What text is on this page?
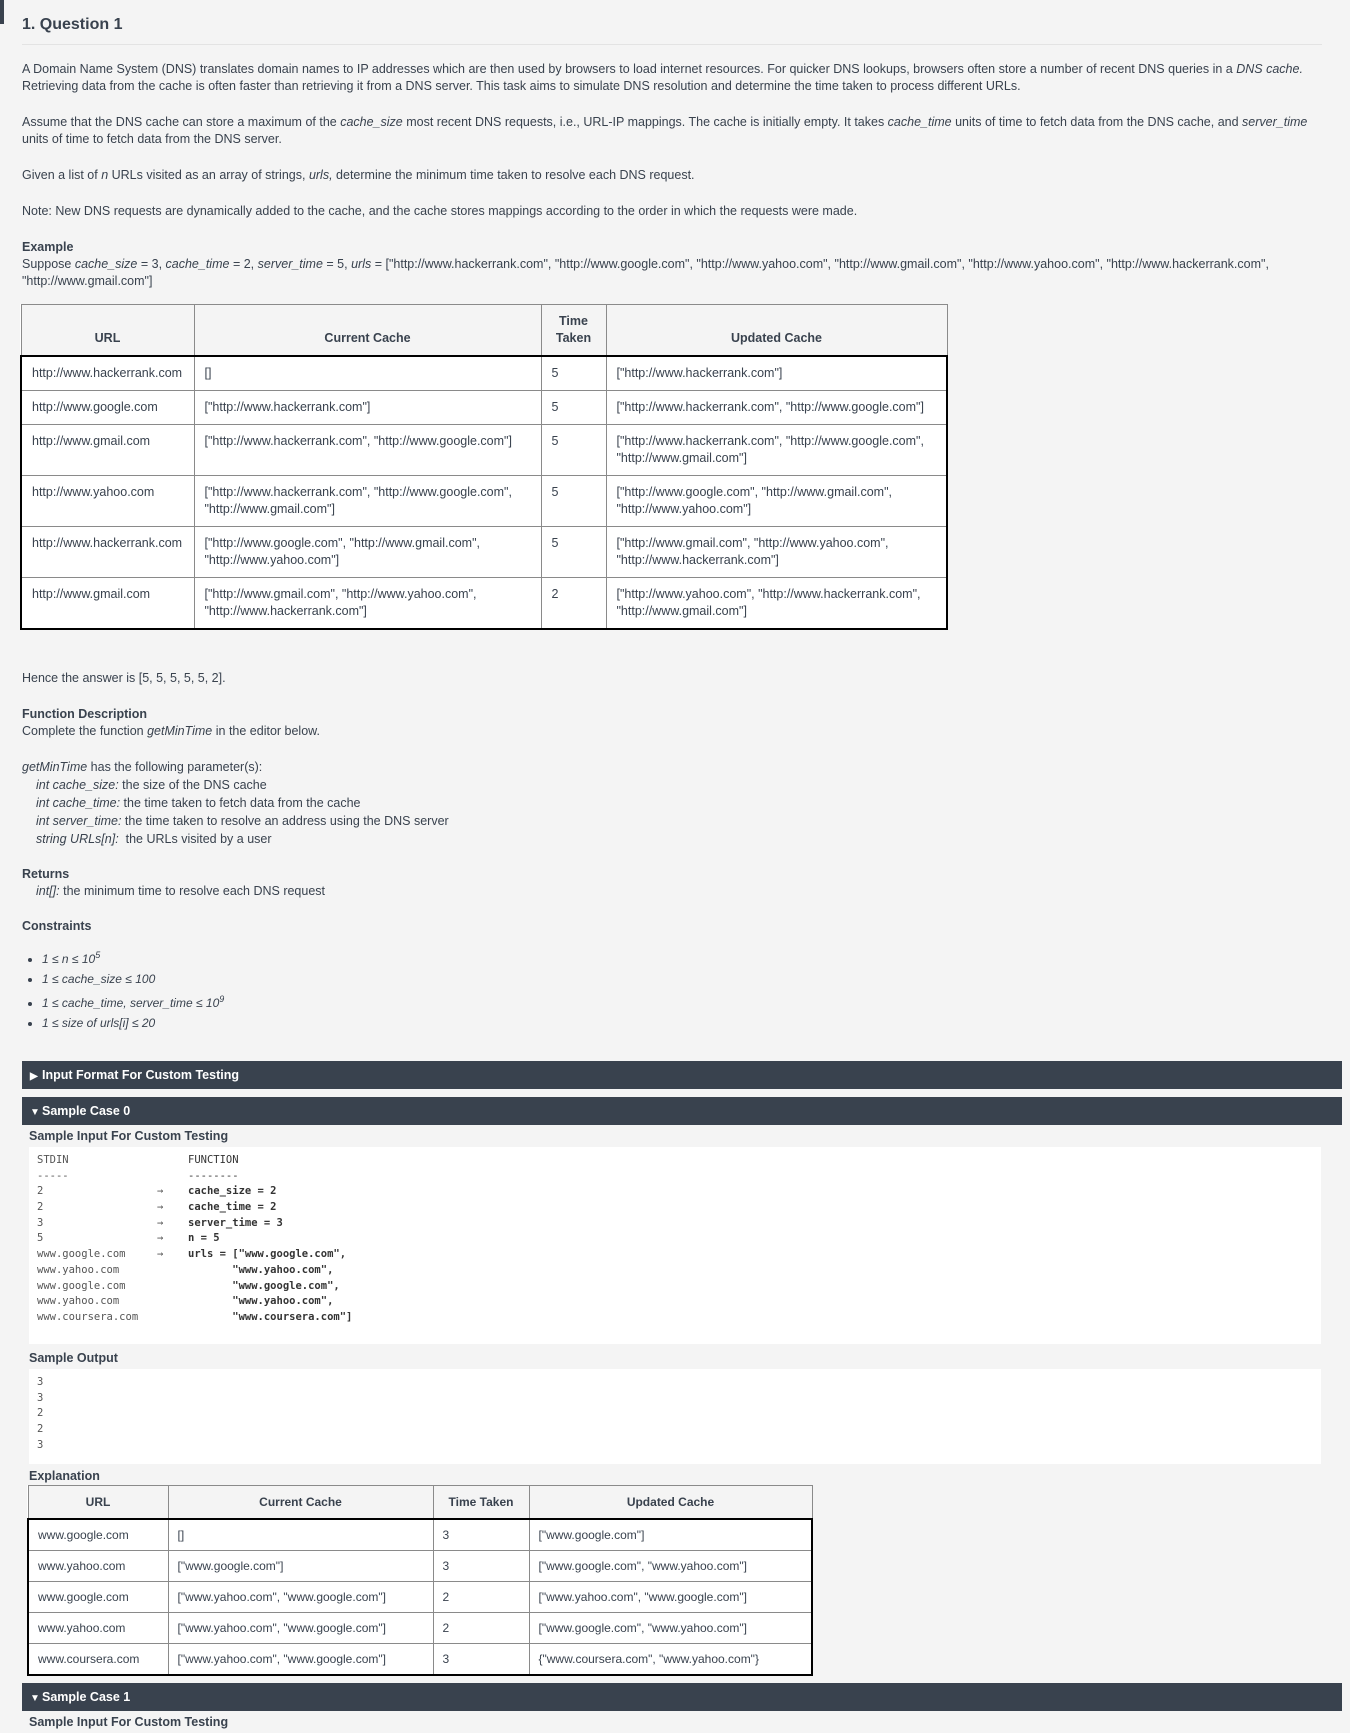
1. Question 1

A Domain Name System (DNS) translates domain names to IP addresses which are then used by browsers to load internet resources. For quicker DNS lookups, browsers often store a number of recent DNS queries in a DNS cache. Retrieving data from the cache is often faster than retrieving it from a DNS server. This task aims to simulate DNS resolution and determine the time taken to process different URLs.

Assume that the DNS cache can store a maximum of the cache_size most recent DNS requests, i.e., URL-IP mappings. The cache is initially empty. It takes cache_time units of time to fetch data from the DNS cache, and server_time units of time to fetch data from the DNS server.

Given a list of n URLs visited as an array of strings, urls, determine the minimum time taken to resolve each DNS request.

Note: New DNS requests are dynamically added to the cache, and the cache stores mappings according to the order in which the requests were made.

Example
Suppose cache_size = 3, cache_time = 2, server_time = 5, urls = ["http://www.hackerrank.com", "http://www.google.com", "http://www.yahoo.com", "http://www.gmail.com", "http://www.yahoo.com", "http://www.hackerrank.com", "http://www.gmail.com"]
URL	Current Cache	Time Taken	Updated Cache
http://www.hackerrank.com	[]	5	["http://www.hackerrank.com"]
http://www.google.com	["http://www.hackerrank.com"]	5	["http://www.hackerrank.com", "http://www.google.com"]
http://www.gmail.com	["http://www.hackerrank.com", "http://www.google.com"]	5	["http://www.hackerrank.com", "http://www.google.com", "http://www.gmail.com"]
http://www.yahoo.com	["http://www.hackerrank.com", "http://www.google.com", "http://www.gmail.com"]	5	["http://www.google.com", "http://www.gmail.com", "http://www.yahoo.com"]
http://www.hackerrank.com	["http://www.google.com", "http://www.gmail.com", "http://www.yahoo.com"]	5	["http://www.gmail.com", "http://www.yahoo.com", "http://www.hackerrank.com"]
http://www.gmail.com	["http://www.gmail.com", "http://www.yahoo.com", "http://www.hackerrank.com"]	2	["http://www.yahoo.com", "http://www.hackerrank.com", "http://www.gmail.com"]

Hence the answer is [5, 5, 5, 5, 5, 2].

Function Description
Complete the function getMinTime in the editor below.
getMinTime has the following parameter(s):
int cache_size: the size of the DNS cache
int cache_time: the time taken to fetch data from the cache
int server_time: the time taken to resolve an address using the DNS server
string URLs[n]:  the URLs visited by a user
Returns
int[]: the minimum time to resolve each DNS request
Constraints
• $1 \le n \le 10^5$
• 1 ≤ cache_size ≤ 100
• 1 ≤ cache_time, server_time ≤ $10^9$
• 1 ≤ size of urls[i] ≤ 20
▶ Input Format For Custom Testing
▼ Sample Case 0
Sample Input For Custom Testing
STDIN	FUNCTION
-----	--------
2	→ cache_size = 2
2	→ cache_time = 2
3	→ server_time = 3
5	→ n = 5
www.google.com	→ urls = ["www.google.com",
www.yahoo.com	"www.yahoo.com",
www.google.com	"www.google.com",
www.yahoo.com	"www.yahoo.com",
www.coursera.com	"www.coursera.com"]
Sample Output
3
3
2
2
3
Explanation
URL	Current Cache	Time Taken	Updated Cache
www.google.com	[]	3	["www.google.com"]
www.yahoo.com	["www.google.com"]	3	["www.google.com", "www.yahoo.com"]
www.google.com	["www.yahoo.com", "www.google.com"]	2	["www.yahoo.com", "www.google.com"]
www.yahoo.com	["www.yahoo.com", "www.google.com"]	2	["www.google.com", "www.yahoo.com"]
www.coursera.com	["www.yahoo.com", "www.google.com"]	3	{"www.coursera.com", "www.yahoo.com"}
▼ Sample Case 1
Sample Input For Custom Testing
